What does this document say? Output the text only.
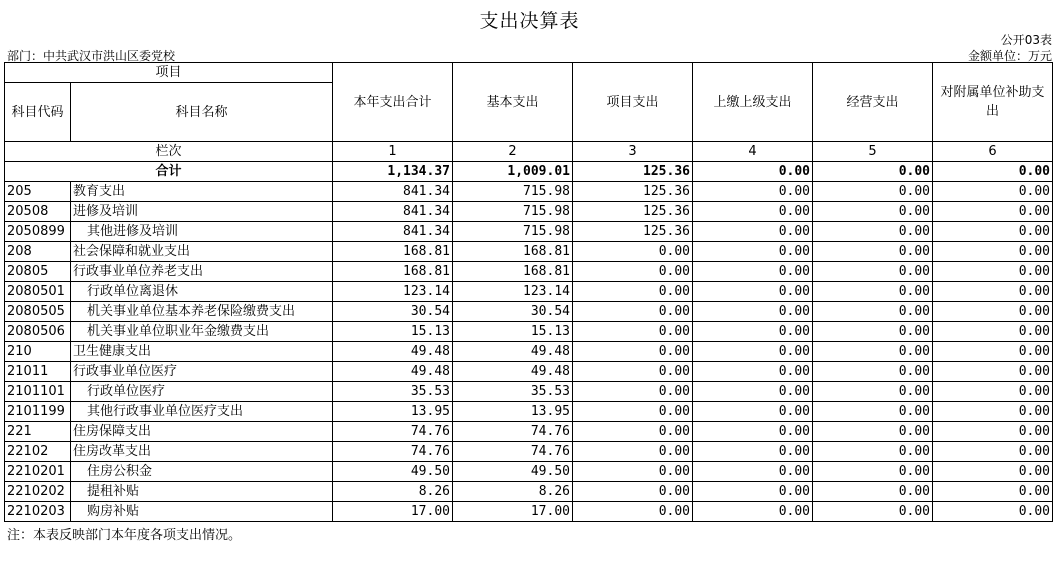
支出决算表
公开03表
部门：中共武汉市洪山区委党校	金额单位：万元
项目		本年支出合计	基本支出	项目支出	上缴上级支出	经营支出	对附属单位补助支出
科目代码	科目名称						
栏次		1	2	3	4	5	6
合计		1,134.37	1,009.01	125.36	0.00	0.00	0.00
205	教育支出	841.34	715.98	125.36	0.00	0.00	0.00
20508	进修及培训	841.34	715.98	125.36	0.00	0.00	0.00
2050899	其他进修及培训	841.34	715.98	125.36	0.00	0.00	0.00
208	社会保障和就业支出	168.81	168.81	0.00	0.00	0.00	0.00
20805	行政事业单位养老支出	168.81	168.81	0.00	0.00	0.00	0.00
2080501	行政单位离退休	123.14	123.14	0.00	0.00	0.00	0.00
2080505	机关事业单位基本养老保险缴费支出	30.54	30.54	0.00	0.00	0.00	0.00
2080506	机关事业单位职业年金缴费支出	15.13	15.13	0.00	0.00	0.00	0.00
210	卫生健康支出	49.48	49.48	0.00	0.00	0.00	0.00
21011	行政事业单位医疗	49.48	49.48	0.00	0.00	0.00	0.00
2101101	行政单位医疗	35.53	35.53	0.00	0.00	0.00	0.00
2101199	其他行政事业单位医疗支出	13.95	13.95	0.00	0.00	0.00	0.00
221	住房保障支出	74.76	74.76	0.00	0.00	0.00	0.00
22102	住房改革支出	74.76	74.76	0.00	0.00	0.00	0.00
2210201	住房公积金	49.50	49.50	0.00	0.00	0.00	0.00
2210202	提租补贴	8.26	8.26	0.00	0.00	0.00	0.00
2210203	购房补贴	17.00	17.00	0.00	0.00	0.00	0.00
注：本表反映部门本年度各项支出情况。
